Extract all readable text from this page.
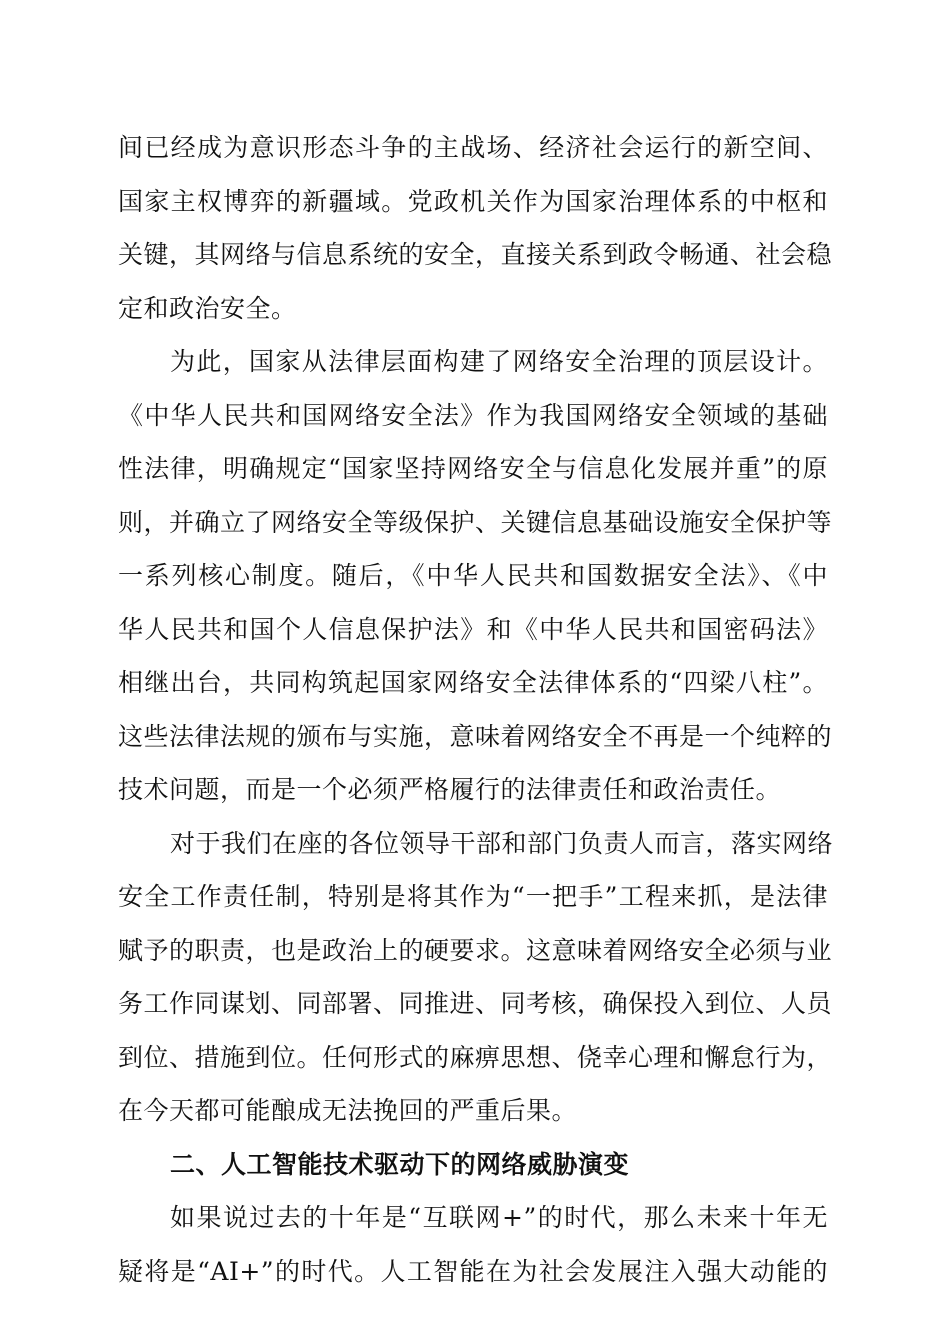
间已经成为意识形态斗争的主战场、经济社会运行的新空间、
国家主权博弈的新疆域。党政机关作为国家治理体系的中枢和
关键，其网络与信息系统的安全，直接关系到政令畅通、社会稳
定和政治安全。
为此，国家从法律层面构建了网络安全治理的顶层设计。
《中华人民共和国网络安全法》作为我国网络安全领域的基础
性法律，明确规定“国家坚持网络安全与信息化发展并重”的原
则，并确立了网络安全等级保护、关键信息基础设施安全保护等
一系列核心制度。随后，《中华人民共和国数据安全法》、《中
华人民共和国个人信息保护法》和《中华人民共和国密码法》
相继出台，共同构筑起国家网络安全法律体系的“四梁八柱”。
这些法律法规的颁布与实施，意味着网络安全不再是一个纯粹的
技术问题，而是一个必须严格履行的法律责任和政治责任。
对于我们在座的各位领导干部和部门负责人而言，落实网络
安全工作责任制，特别是将其作为“一把手”工程来抓，是法律
赋予的职责，也是政治上的硬要求。这意味着网络安全必须与业
务工作同谋划、同部署、同推进、同考核，确保投入到位、人员
到位、措施到位。任何形式的麻痹思想、侥幸心理和懈怠行为，
在今天都可能酿成无法挽回的严重后果。
二、人工智能技术驱动下的网络威胁演变
如果说过去的十年是“互联网+”的时代，那么未来十年无
疑将是“AI+”的时代。人工智能在为社会发展注入强大动能的
